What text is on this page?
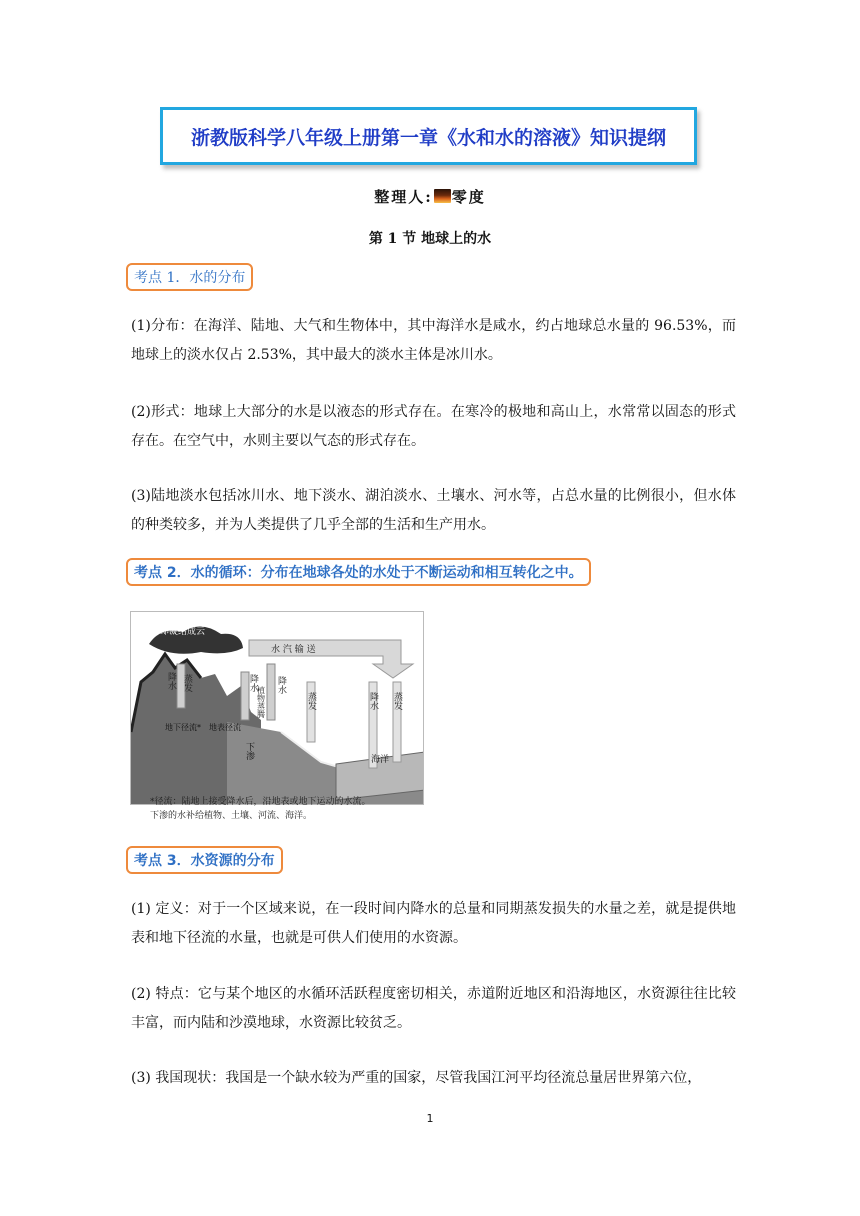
浙教版科学八年级上册第一章《水和水的溶液》知识提纲
整理人: 零度
第 1 节 地球上的水
考点 1．水的分布

(1)分布：在海洋、陆地、大气和生物体中，其中海洋水是咸水，约占地球总水量的 96.53%，而地球上的淡水仅占 2.53%，其中最大的淡水主体是冰川水。

(2)形式：地球上大部分的水是以液态的形式存在。在寒冷的极地和高山上，水常常以固态的形式存在。在空气中，水则主要以气态的形式存在。

(3)陆地淡水包括冰川水、地下淡水、湖泊淡水、土壤水、河水等，占总水量的比例很小，但水体的种类较多，并为人类提供了几乎全部的生活和生产用水。

考点 2．水的循环：分布在地球各处的水处于不断运动和相互转化之中。
冷却凝结成云
水 汽 输 送
降水 蒸发	降水
植物蒸腾
降水
蒸发	降水 蒸发
地下径流* 地表径流
下渗	海洋
*径流：陆地上接受降水后，沿地表或地下运动的水流。
下渗的水补给植物、土壤、河流、海洋。
考点 3．水资源的分布

(1) 定义：对于一个区域来说，在一段时间内降水的总量和同期蒸发损失的水量之差，就是提供地表和地下径流的水量，也就是可供人们使用的水资源。

(2) 特点：它与某个地区的水循环活跃程度密切相关，赤道附近地区和沿海地区，水资源往往比较丰富，而内陆和沙漠地球，水资源比较贫乏。

(3) 我国现状：我国是一个缺水较为严重的国家，尽管我国江河平均径流总量居世界第六位，

1
